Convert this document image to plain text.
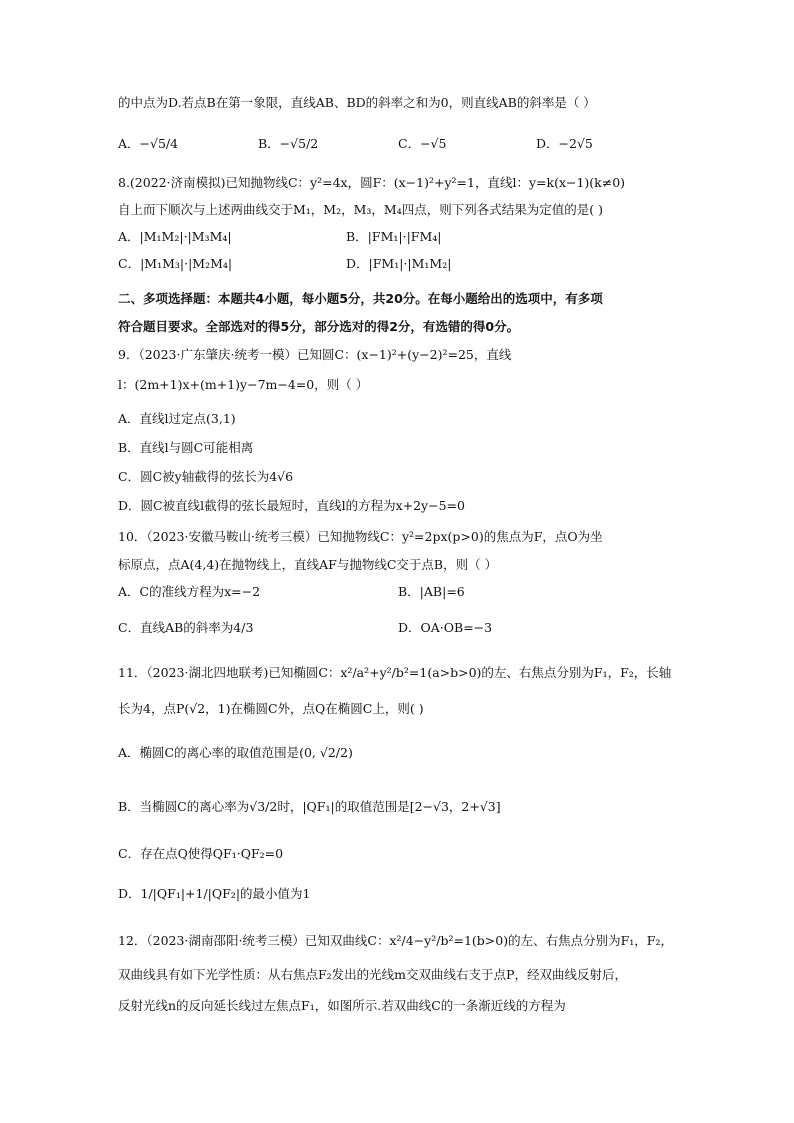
的中点为D.若点B在第一象限，直线AB、BD的斜率之和为0，则直线AB的斜率是（ ）
A．−√5/4	B．−√5/2	C．−√5	D．−2√5
8.(2022·济南模拟)已知抛物线C：y²=4x，圆F：(x−1)²+y²=1，直线l：y=k(x−1)(k≠0)
自上而下顺次与上述两曲线交于M₁，M₂，M₃，M₄四点，则下列各式结果为定值的是( )
A．|M₁M₂|·|M₃M₄|	B．|FM₁|·|FM₄|
C．|M₁M₃|·|M₂M₄|	D．|FM₁|·|M₁M₂|
二、多项选择题：本题共4小题，每小题5分，共20分。在每小题给出的选项中，有多项
符合题目要求。全部选对的得5分，部分选对的得2分，有选错的得0分。
9．（2023·广东肇庆·统考一模）已知圆C：(x−1)²+(y−2)²=25，直线
l：(2m+1)x+(m+1)y−7m−4=0，则（ ）
A．直线l过定点(3,1)
B．直线l与圆C可能相离
C．圆C被y轴截得的弦长为4√6
D．圆C被直线l截得的弦长最短时，直线l的方程为x+2y−5=0
10．（2023·安徽马鞍山·统考三模）已知抛物线C：y²=2px(p>0)的焦点为F，点O为坐
标原点，点A(4,4)在抛物线上，直线AF与抛物线C交于点B，则（ ）
A．C的准线方程为x=−2	B．|AB|=6
C．直线AB的斜率为4/3	D．OA·OB=−3
11．（2023·湖北四地联考)已知椭圆C：x²/a²+y²/b²=1(a>b>0)的左、右焦点分别为F₁，F₂，长轴
长为4，点P(√2，1)在椭圆C外，点Q在椭圆C上，则( )
A．椭圆C的离心率的取值范围是(0, √2/2)
B．当椭圆C的离心率为√3/2时，|QF₁|的取值范围是[2−√3，2+√3]
C．存在点Q使得QF₁·QF₂=0
D．1/|QF₁|+1/|QF₂|的最小值为1
12．（2023·湖南邵阳·统考三模）已知双曲线C：x²/4−y²/b²=1(b>0)的左、右焦点分别为F₁，F₂，
双曲线具有如下光学性质：从右焦点F₂发出的光线m交双曲线右支于点P，经双曲线反射后，
反射光线n的反向延长线过左焦点F₁，如图所示.若双曲线C的一条渐近线的方程为
